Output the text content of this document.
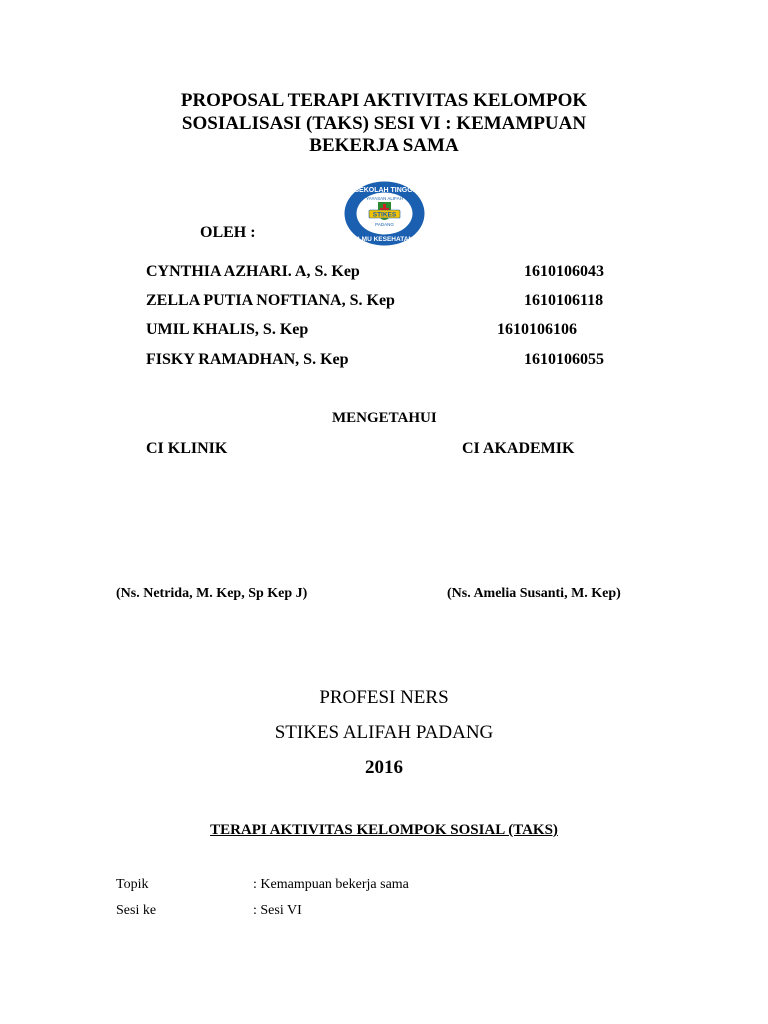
PROPOSAL TERAPI AKTIVITAS KELOMPOK
SOSIALISASI (TAKS) SESI VI : KEMAMPUAN
BEKERJA SAMA
SEKOLAH TINGGI
YAYASAN ALIFAH
STIKES
PADANG
ILMU KESEHATAN
OLEH :
CYNTHIA AZHARI. A, S. Kep	1610106043
ZELLA PUTIA NOFTIANA, S. Kep	1610106118
UMIL KHALIS, S. Kep	1610106106
FISKY RAMADHAN, S. Kep	1610106055
MENGETAHUI
CI KLINIK	CI AKADEMIK
(Ns. Netrida, M. Kep, Sp Kep J)	(Ns. Amelia Susanti, M. Kep)
PROFESI NERS
STIKES ALIFAH PADANG
2016
TERAPI AKTIVITAS KELOMPOK SOSIAL (TAKS)
Topik	: Kemampuan bekerja sama
Sesi ke	: Sesi VI
